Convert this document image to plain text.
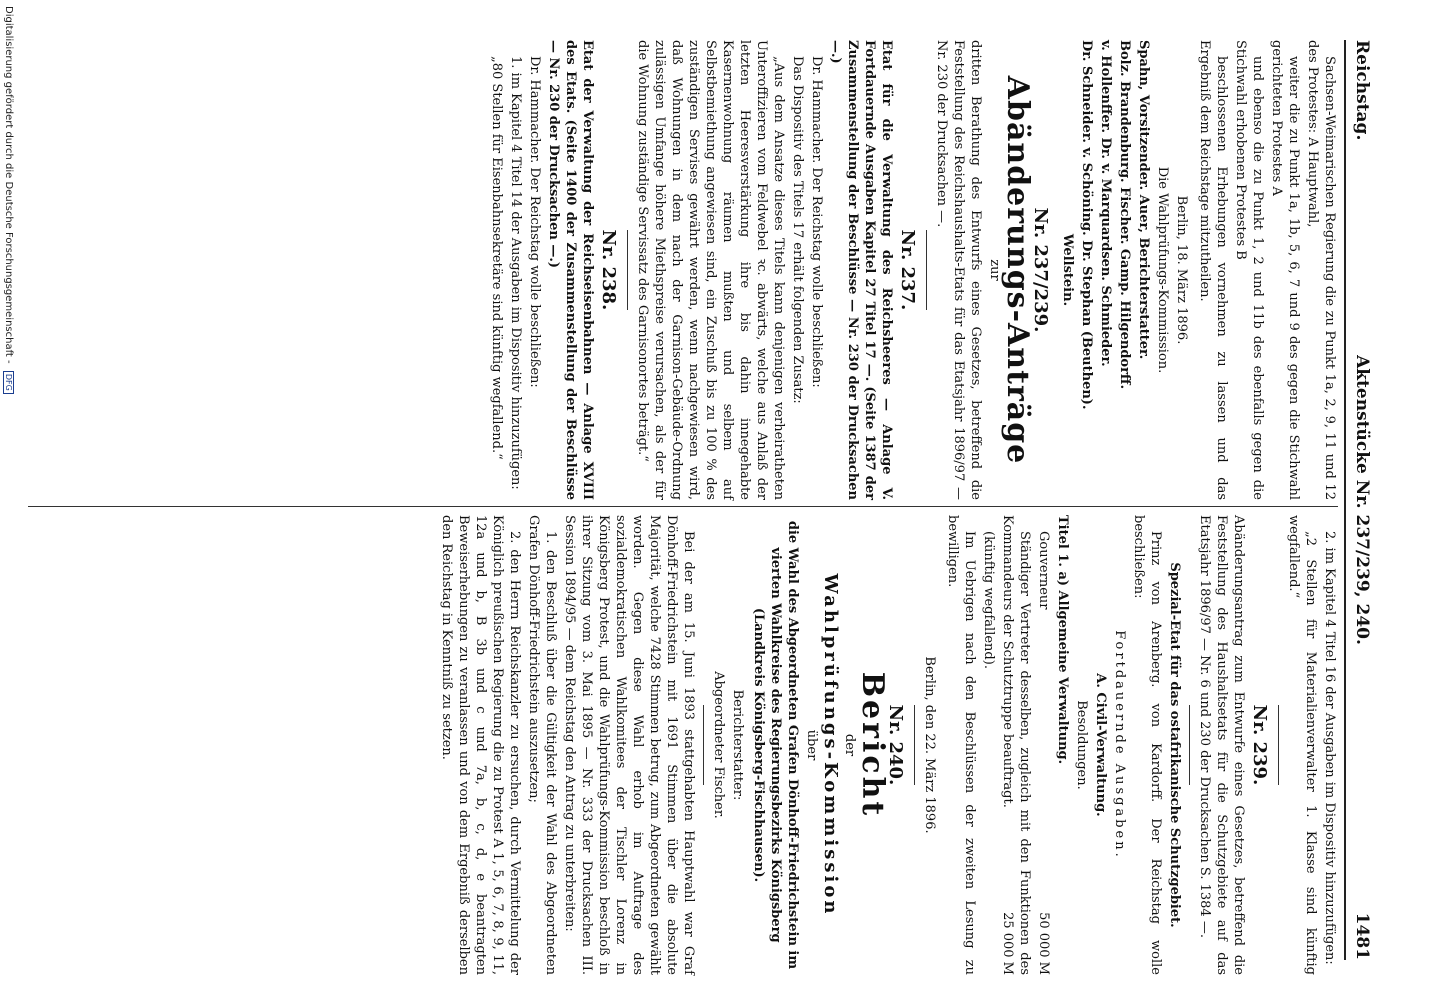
Reichstag.
Aktenstücke Nr. 237/239, 240.
1481

Sachsen-Weimarischen Regierung die zu Punkt 1a, 2, 9, 11 und 12 des Protestes: A Hauptwahl,

weiter die zu Punkt 1a, 1b, 5, 6, 7 und 9 des gegen die Stichwahl gerichteten Protestes A

und ebenso die zu Punkt 1, 2 und 11b des ebenfalls gegen die Stichwahl erhobenen Protestes B

beschlossenen Erhebungen vornehmen zu lassen und das Ergebniß dem Reichstage mitzutheilen.

Berlin, 18. März 1896.

Die Wahlprüfungs-Kommission.

Spahn, Vorsitzender. Auer, Berichterstatter.

Bolz. Brandenburg. Fischer. Gamp. Hilgendorff.

v. Hollenffer. Dr. v. Marquardsen. Schmieder.

Dr. Schneider. v. Schöning. Dr. Stephan (Beuthen).

Wellstein.

Nr. 237/239.
Abänderungs-Anträge

zur

dritten Berathung des Entwurfs eines Gesetzes, betreffend die Feststellung des Reichshaushalts-Etats für das Etatsjahr 1896/97 — Nr. 230 der Drucksachen —.

Nr. 237.

Etat für die Verwaltung des Reichsheeres — Anlage V. Fortdauernde Ausgaben Kapitel 27 Titel 17 —. (Seite 1387 der Zusammenstellung der Beschlüsse — Nr. 230 der Drucksachen —.)

Dr. Hammacher. Der Reichstag wolle beschließen:

Das Dispositiv des Titels 17 erhält folgenden Zusatz:

„Aus dem Ansatze dieses Titels kann denjenigen verheiratheten Unteroffizieren vom Feldwebel ꝛc. abwärts, welche aus Anlaß der letzten Heeresverstärkung ihre bis dahin innegehabte Kasernenwohnung räumen mußten und selbem auf Selbstbemiethung angewiesen sind, ein Zuschuß bis zu 100 % des zuständigen Servises gewährt werden, wenn nachgewiesen wird, daß Wohnungen in dem nach der Garnison-Gebäude-Ordnung zulässigen Umfange höhere Miethspreise verursachen, als der für die Wohnung zuständige Servissatz des Garnisonortes beträgt.“

Nr. 238.

Etat der Verwaltung der Reichseisenbahnen — Anlage XVIII des Etats. (Seite 1400 der Zusammenstellung der Beschlüsse — Nr. 230 der Drucksachen —.)

Dr. Hammacher. Der Reichstag wolle beschließen:

1. im Kapitel 4 Titel 14 der Ausgaben im Dispositiv hinzuzufügen:

„80 Stellen für Eisenbahnsekretäre sind künftig wegfallend.“

2. im Kapitel 4 Titel 16 der Ausgaben im Dispositiv hinzuzufügen:

„2 Stellen für Materialienverwalter 1. Klasse sind künftig wegfallend.“

Nr. 239.

Abänderungsantrag zum Entwurfe eines Gesetzes, betreffend die Feststellung des Haushaltsetats für die Schutzgebiete auf das Etatsjahr 1896/97 — Nr. 6 und 230 der Drucksachen S. 1384 —.

Spezial-Etat für das ostafrikanische Schutzgebiet.

Prinz von Arenberg. von Kardorff. Der Reichstag wolle beschließen:

Fortdauernde Ausgaben.

A. Civil-Verwaltung.

Besoldungen.

Titel 1. a) Allgemeine Verwaltung.

Gouverneur
50 000 M

Ständiger Vertreter desselben, zugleich mit den Funktionen des Kommandeurs der Schutztruppe beauftragt.
25 000 M

(künftig wegfallend).

Im Uebrigen nach den Beschlüssen der zweiten Lesung zu bewilligen.

Berlin, den 22. März 1896.

Nr. 240.
Bericht

der

Wahlprüfungs-Kommission

über

die Wahl des Abgeordneten Grafen Dönhoff-Friedrichstein im vierten Wahlkreise des Regierungsbezirks Königsberg (Landkreis Königsberg-Fischhausen).

Berichterstatter:

Abgeordneter Fischer.

Bei der am 15. Juni 1893 stattgehabten Hauptwahl war Graf Dönhoff-Friedrichstein mit 1691 Stimmen über die absolute Majorität, welche 7428 Stimmen betrug, zum Abgeordneten gewählt worden. Gegen diese Wahl erhob im Auftrage des sozialdemokratischen Wahlkomitees der Tischler Lorenz in Königsberg Protest, und die Wahlprüfungs-Kommission beschloß in ihrer Sitzung vom 3. Mai 1895 — Nr. 333 der Drucksachen III. Session 1894/95 — dem Reichstag den Antrag zu unterbreiten:

1. den Beschluß über die Gültigkeit der Wahl des Abgeordneten Grafen Dönhoff-Friedrichstein auszusetzen;

2. den Herrn Reichskanzler zu ersuchen, durch Vermittelung der Königlich preußischen Regierung die zu Protest A 1, 5, 6, 7, 8, 9, 11, 12a und b, B 3b und c und 7a, b, c, d, e beantragten Beweiserhebungen zu veranlassen und von dem Ergebniß derselben den Reichstag in Kenntniß zu setzen.

Digitalisierung gefördert durch die Deutsche Forschungsgemeinschaft - DFG
